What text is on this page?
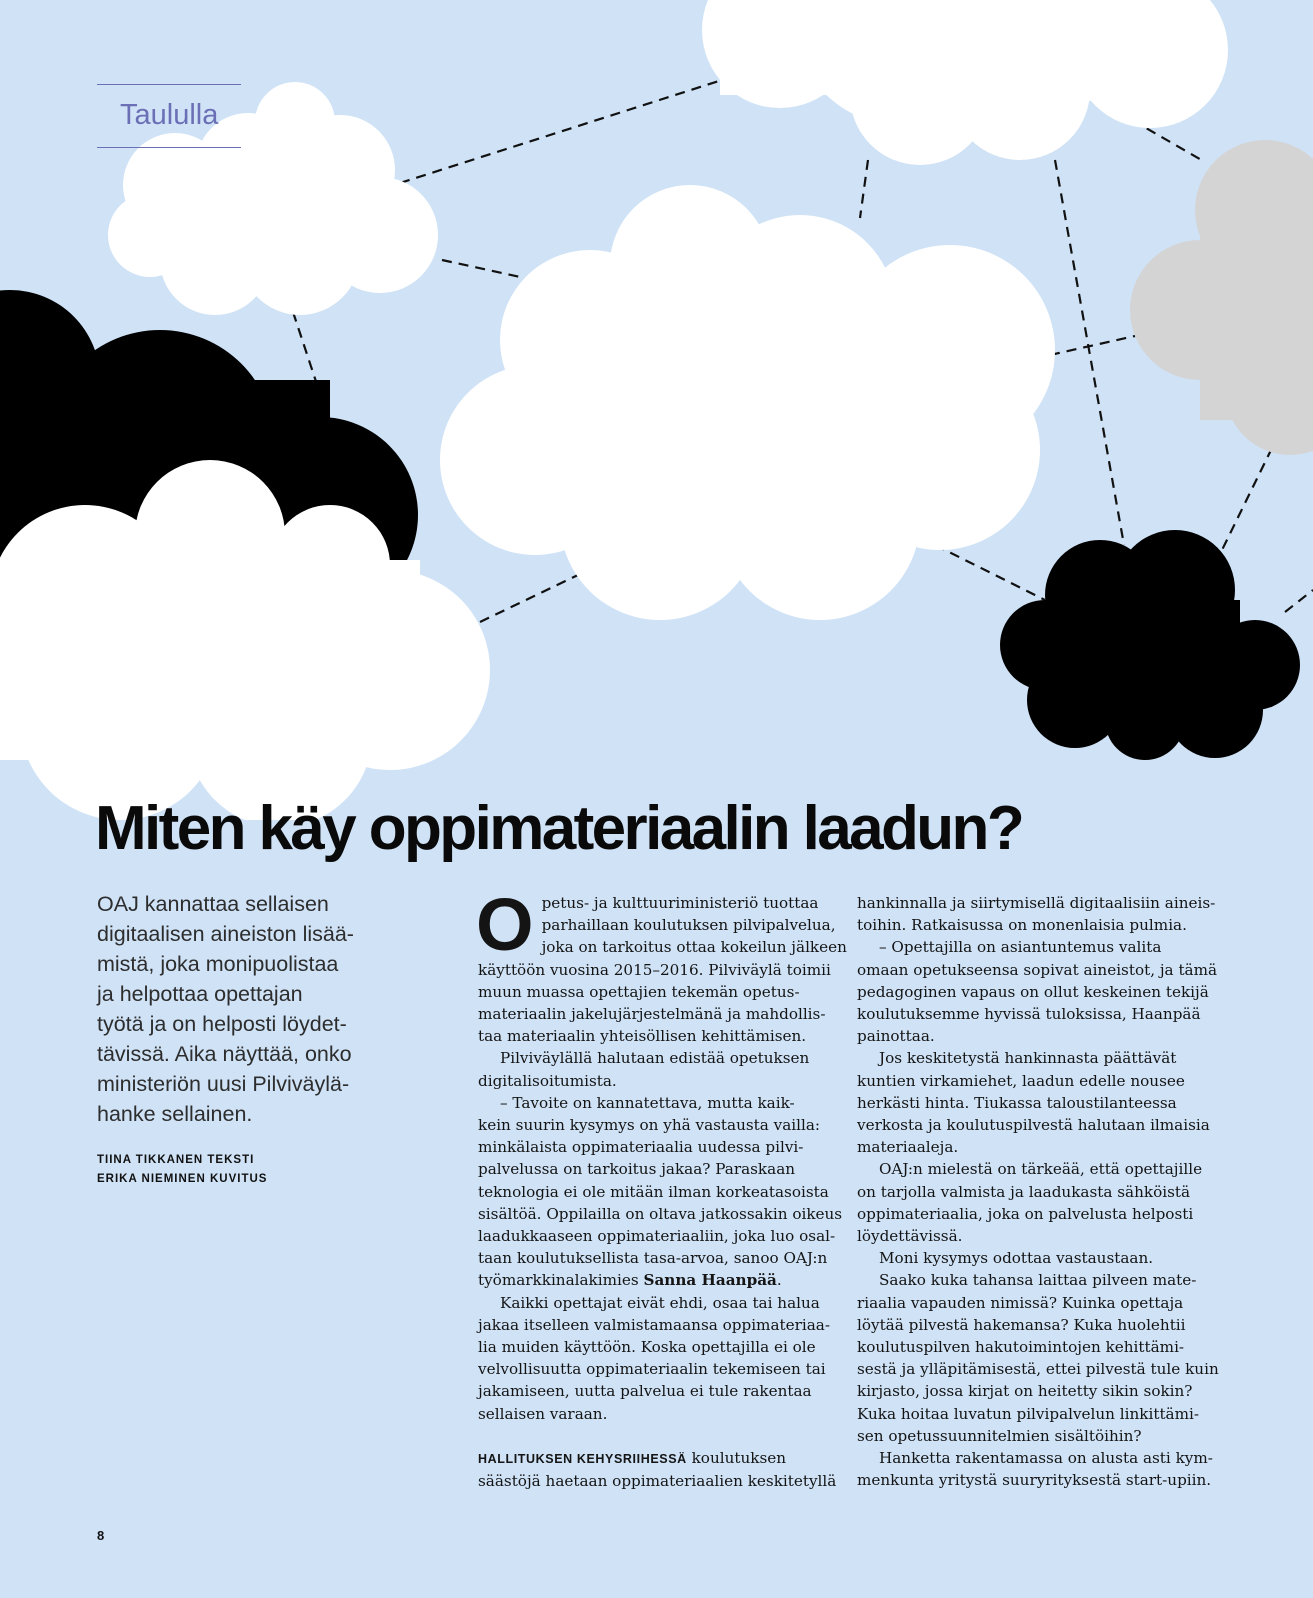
Taululla
Miten käy oppimateriaalin laadun?

OAJ kannattaa sellaisen

digitaalisen aineiston lisää-

mistä, joka monipuolistaa

ja helpottaa opettajan

työtä ja on helposti löydet-

tävissä. Aika näyttää, onko

ministeriön uusi Pilviväylä-

hanke sellainen.

TIINA TIKKANEN TEKSTI
ERIKA NIEMINEN KUVITUS
O petus- ja kulttuuriministeriö tuottaa
parhaillaan koulutuksen pilvipalvelua,
joka on tarkoitus ottaa kokeilun jälkeen
käyttöön vuosina 2015–2016. Pilviväylä toimii
muun muassa opettajien tekemän opetus-
materiaalin jakelujärjestelmänä ja mahdollis-
taa materiaalin yhteisöllisen kehittämisen.
Pilviväylällä halutaan edistää opetuksen
digitalisoitumista.
– Tavoite on kannatettava, mutta kaik-
kein suurin kysymys on yhä vastausta vailla:
minkälaista oppimateriaalia uudessa pilvi-
palvelussa on tarkoitus jakaa? Paraskaan
teknologia ei ole mitään ilman korkeatasoista
sisältöä. Oppilailla on oltava jatkossakin oikeus
laadukkaaseen oppimateriaaliin, joka luo osal-
taan koulutuksellista tasa-arvoa, sanoo OAJ:n
työmarkkinalakimies Sanna Haanpää.
Kaikki opettajat eivät ehdi, osaa tai halua
jakaa itselleen valmistamaansa oppimateriaa-
lia muiden käyttöön. Koska opettajilla ei ole
velvollisuutta oppimateriaalin tekemiseen tai
jakamiseen, uutta palvelua ei tule rakentaa
sellaisen varaan.
HALLITUKSEN KEHYSRIIHESSÄ koulutuksen
säästöjä haetaan oppimateriaalien keskitetyllä
hankinnalla ja siirtymisellä digitaalisiin aineis-
toihin. Ratkaisussa on monenlaisia pulmia.
– Opettajilla on asiantuntemus valita
omaan opetukseensa sopivat aineistot, ja tämä
pedagoginen vapaus on ollut keskeinen tekijä
koulutuksemme hyvissä tuloksissa, Haanpää
painottaa.
Jos keskitetystä hankinnasta päättävät
kuntien virkamiehet, laadun edelle nousee
herkästi hinta. Tiukassa taloustilanteessa
verkosta ja koulutuspilvestä halutaan ilmaisia
materiaaleja.
OAJ:n mielestä on tärkeää, että opettajille
on tarjolla valmista ja laadukasta sähköistä
oppimateriaalia, joka on palvelusta helposti
löydettävissä.
Moni kysymys odottaa vastaustaan.
Saako kuka tahansa laittaa pilveen mate-
riaalia vapauden nimissä? Kuinka opettaja
löytää pilvestä hakemansa? Kuka huolehtii
koulutuspilven hakutoimintojen kehittämi-
sestä ja ylläpitämisestä, ettei pilvestä tule kuin
kirjasto, jossa kirjat on heitetty sikin sokin?
Kuka hoitaa luvatun pilvipalvelun linkittämi-
sen opetussuunnitelmien sisältöihin?
Hanketta rakentamassa on alusta asti kym-
menkunta yritystä suuryrityksestä start-upiin.
8
